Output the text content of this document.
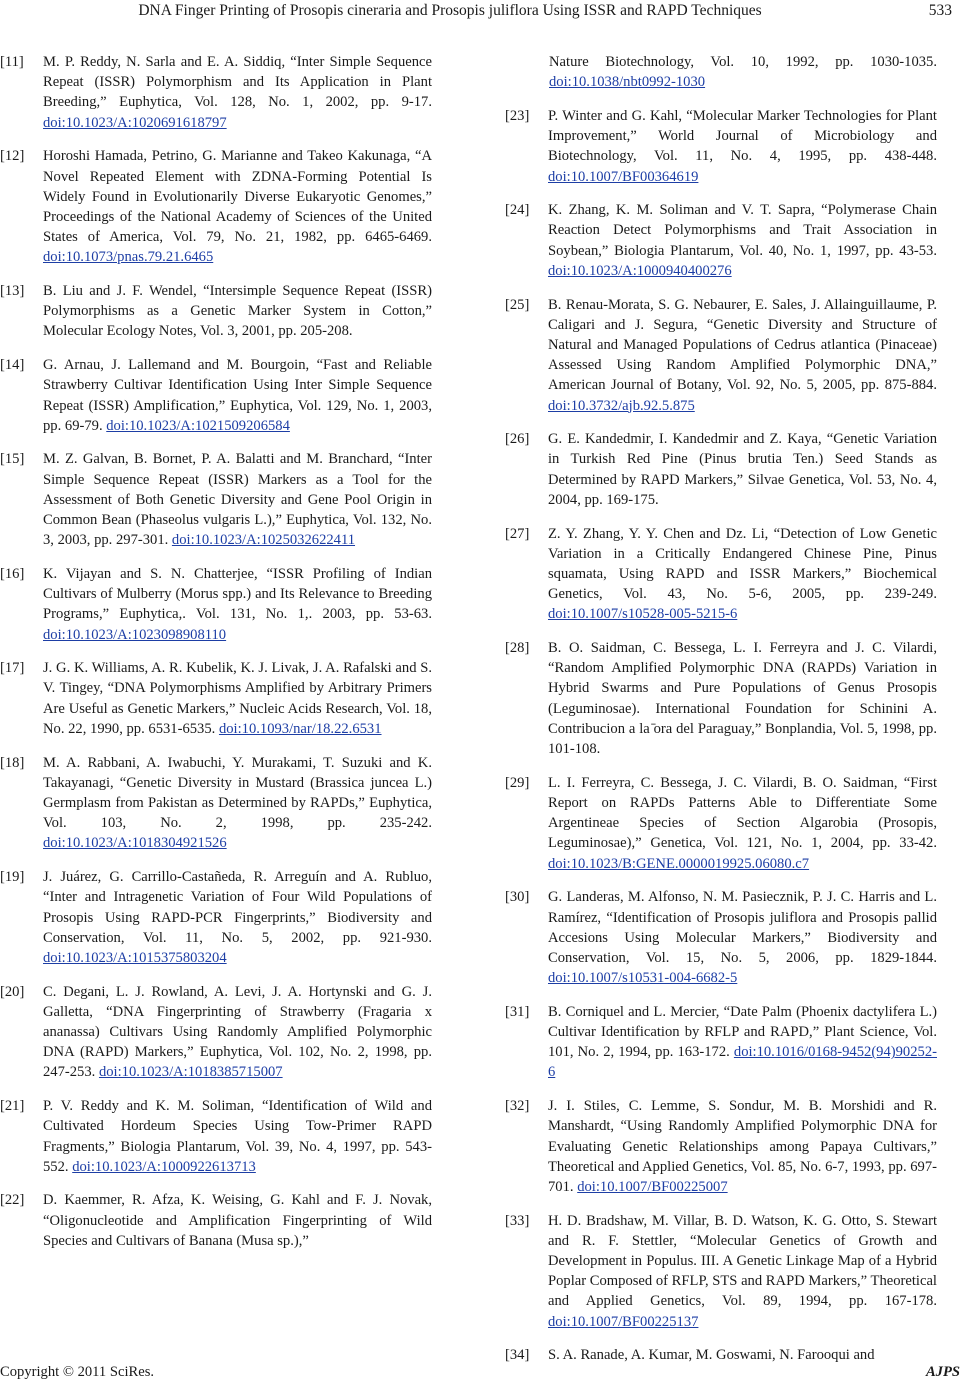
DNA Finger Printing of Prosopis cineraria and Prosopis juliflora Using ISSR and RAPD Techniques	533
[11]	M. P. Reddy, N. Sarla and E. A. Siddiq, “Inter Simple Sequence Repeat (ISSR) Polymorphism and Its Application in Plant Breeding,” Euphytica, Vol. 128, No. 1, 2002, pp. 9-17. doi:10.1023/A:1020691618797
[12]	Horoshi Hamada, Petrino, G. Marianne and Takeo Kakunaga, “A Novel Repeated Element with ZDNA-Forming Potential Is Widely Found in Evolutionarily Diverse Eukaryotic Genomes,” Proceedings of the National Academy of Sciences of the United States of America, Vol. 79, No. 21, 1982, pp. 6465-6469. doi:10.1073/pnas.79.21.6465
[13]	B. Liu and J. F. Wendel, “Intersimple Sequence Repeat (ISSR) Polymorphisms as a Genetic Marker System in Cotton,” Molecular Ecology Notes, Vol. 3, 2001, pp. 205-208.
[14]	G. Arnau, J. Lallemand and M. Bourgoin, “Fast and Reliable Strawberry Cultivar Identification Using Inter Simple Sequence Repeat (ISSR) Amplification,” Euphytica, Vol. 129, No. 1, 2003, pp. 69-79. doi:10.1023/A:1021509206584
[15]	M. Z. Galvan, B. Bornet, P. A. Balatti and M. Branchard, “Inter Simple Sequence Repeat (ISSR) Markers as a Tool for the Assessment of Both Genetic Diversity and Gene Pool Origin in Common Bean (Phaseolus vulgaris L.),” Euphytica, Vol. 132, No. 3, 2003, pp. 297-301. doi:10.1023/A:1025032622411
[16]	K. Vijayan and S. N. Chatterjee, “ISSR Profiling of Indian Cultivars of Mulberry (Morus spp.) and Its Relevance to Breeding Programs,” Euphytica,. Vol. 131, No. 1,. 2003, pp. 53-63. doi:10.1023/A:1023098908110
[17]	J. G. K. Williams, A. R. Kubelik, K. J. Livak, J. A. Rafalski and S. V. Tingey, “DNA Polymorphisms Amplified by Arbitrary Primers Are Useful as Genetic Markers,” Nucleic Acids Research, Vol. 18, No. 22, 1990, pp. 6531-6535. doi:10.1093/nar/18.22.6531
[18]	M. A. Rabbani, A. Iwabuchi, Y. Murakami, T. Suzuki and K. Takayanagi, “Genetic Diversity in Mustard (Brassica juncea L.) Germplasm from Pakistan as Determined by RAPDs,” Euphytica, Vol. 103, No. 2, 1998, pp. 235-242. doi:10.1023/A:1018304921526
[19]	J. Juárez, G. Carrillo-Castañeda, R. Arreguín and A. Rubluo, “Inter and Intragenetic Variation of Four Wild Populations of Prosopis Using RAPD-PCR Fingerprints,” Biodiversity and Conservation, Vol. 11, No. 5, 2002, pp. 921-930. doi:10.1023/A:1015375803204
[20]	C. Degani, L. J. Rowland, A. Levi, J. A. Hortynski and G. J. Galletta, “DNA Fingerprinting of Strawberry (Fragaria x ananassa) Cultivars Using Randomly Amplified Polymorphic DNA (RAPD) Markers,” Euphytica, Vol. 102, No. 2, 1998, pp. 247-253. doi:10.1023/A:1018385715007
[21]	P. V. Reddy and K. M. Soliman, “Identification of Wild and Cultivated Hordeum Species Using Tow-Primer RAPD Fragments,” Biologia Plantarum, Vol. 39, No. 4, 1997, pp. 543-552. doi:10.1023/A:1000922613713
[22]	D. Kaemmer, R. Afza, K. Weising, G. Kahl and F. J. Novak, “Oligonucleotide and Amplification Fingerprinting of Wild Species and Cultivars of Banana (Musa sp.),”
Nature Biotechnology, Vol. 10, 1992, pp. 1030-1035. doi:10.1038/nbt0992-1030
[23]	P. Winter and G. Kahl, “Molecular Marker Technologies for Plant Improvement,” World Journal of Microbiology and Biotechnology, Vol. 11, No. 4, 1995, pp. 438-448. doi:10.1007/BF00364619
[24]	K. Zhang, K. M. Soliman and V. T. Sapra, “Polymerase Chain Reaction Detect Polymorphisms and Trait Association in Soybean,” Biologia Plantarum, Vol. 40, No. 1, 1997, pp. 43-53. doi:10.1023/A:1000940400276
[25]	B. Renau-Morata, S. G. Nebaurer, E. Sales, J. Allainguillaume, P. Caligari and J. Segura, “Genetic Diversity and Structure of Natural and Managed Populations of Cedrus atlantica (Pinaceae) Assessed Using Random Amplified Polymorphic DNA,” American Journal of Botany, Vol. 92, No. 5, 2005, pp. 875-884. doi:10.3732/ajb.92.5.875
[26]	G. E. Kandedmir, I. Kandedmir and Z. Kaya, “Genetic Variation in Turkish Red Pine (Pinus brutia Ten.) Seed Stands as Determined by RAPD Markers,” Silvae Genetica, Vol. 53, No. 4, 2004, pp. 169-175.
[27]	Z. Y. Zhang, Y. Y. Chen and Dz. Li, “Detection of Low Genetic Variation in a Critically Endangered Chinese Pine, Pinus squamata, Using RAPD and ISSR Markers,” Biochemical Genetics, Vol. 43, No. 5-6, 2005, pp. 239-249. doi:10.1007/s10528-005-5215-6
[28]	B. O. Saidman, C. Bessega, L. I. Ferreyra and J. C. Vilardi, “Random Amplified Polymorphic DNA (RAPDs) Variation in Hybrid Swarms and Pure Populations of Genus Prosopis (Leguminosae). International Foundation for Schinini A. Contribucion a la ̄ora del Paraguay,” Bonplandia, Vol. 5, 1998, pp. 101-108.
[29]	L. I. Ferreyra, C. Bessega, J. C. Vilardi, B. O. Saidman, “First Report on RAPDs Patterns Able to Differentiate Some Argentineae Species of Section Algarobia (Prosopis, Leguminosae),” Genetica, Vol. 121, No. 1, 2004, pp. 33-42. doi:10.1023/B:GENE.0000019925.06080.c7
[30]	G. Landeras, M. Alfonso, N. M. Pasiecznik, P. J. C. Harris and L. Ramírez, “Identification of Prosopis juliflora and Prosopis pallid Accesions Using Molecular Markers,” Biodiversity and Conservation, Vol. 15, No. 5, 2006, pp. 1829-1844. doi:10.1007/s10531-004-6682-5
[31]	B. Corniquel and L. Mercier, “Date Palm (Phoenix dactylifera L.) Cultivar Identification by RFLP and RAPD,” Plant Science, Vol. 101, No. 2, 1994, pp. 163-172. doi:10.1016/0168-9452(94)90252-6
[32]	J. I. Stiles, C. Lemme, S. Sondur, M. B. Morshidi and R. Manshardt, “Using Randomly Amplified Polymorphic DNA for Evaluating Genetic Relationships among Papaya Cultivars,” Theoretical and Applied Genetics, Vol. 85, No. 6-7, 1993, pp. 697-701. doi:10.1007/BF00225007
[33]	H. D. Bradshaw, M. Villar, B. D. Watson, K. G. Otto, S. Stewart and R. F. Stettler, “Molecular Genetics of Growth and Development in Populus. III. A Genetic Linkage Map of a Hybrid Poplar Composed of RFLP, STS and RAPD Markers,” Theoretical and Applied Genetics, Vol. 89, 1994, pp. 167-178. doi:10.1007/BF00225137
[34]	S. A. Ranade, A. Kumar, M. Goswami, N. Farooqui and
Copyright © 2011 SciRes.	AJPS
